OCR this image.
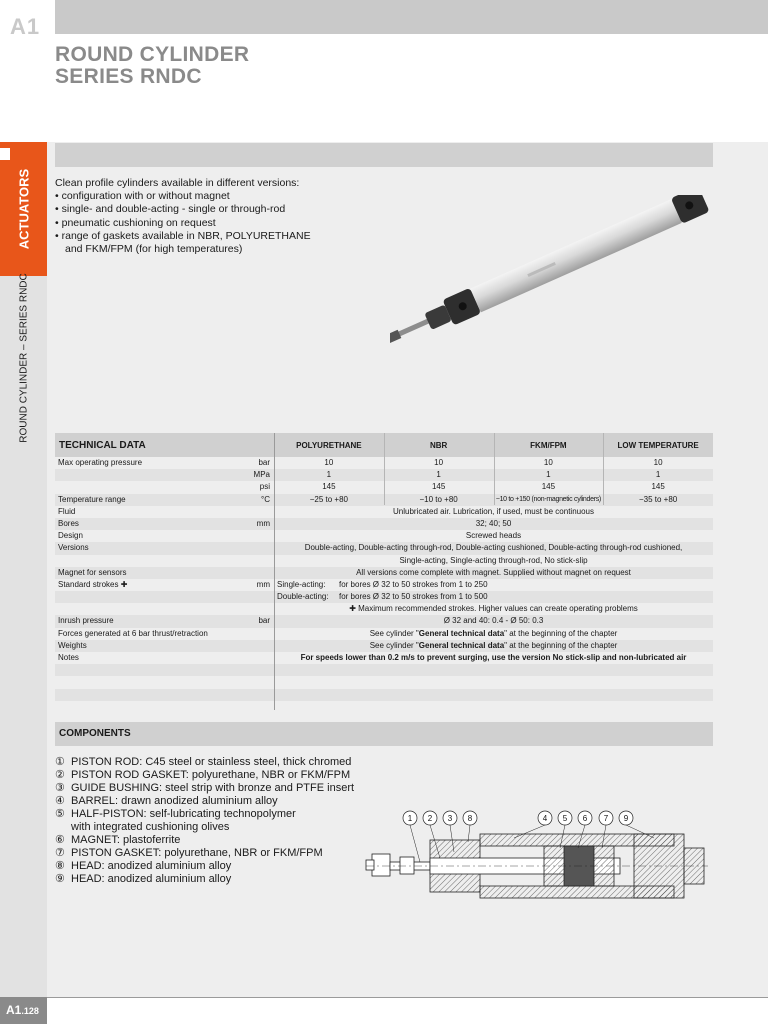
A1
ACTUATORS
ROUND CYLINDER – SERIES RNDC
A1.128
ROUND CYLINDER
SERIES RNDC
Clean profile cylinders available in different versions:
• configuration with or without magnet
• single- and double-acting - single or through-rod
• pneumatic cushioning on request
• range of gaskets available in NBR, POLYURETHANE and FKM/FPM (for high temperatures)
TECHNICAL DATA	POLYURETHANE	NBR	FKM/FPM	LOW TEMPERATURE
Max operating pressure	bar	10	10	10	10
MPa	1	1	1	1
psi	145	145	145	145
Temperature range	°C	−25 to +80	−10 to +80	−10 to +150 (non-magnetic cylinders)	−35 to +80
Fluid	Unlubricated air. Lubrication, if used, must be continuous
Bores	mm	32; 40; 50
Design	Screwed heads
Versions	Double-acting, Double-acting through-rod, Double-acting cushioned, Double-acting through-rod cushioned,
Single-acting, Single-acting through-rod, No stick-slip
Magnet for sensors	All versions come complete with magnet. Supplied without magnet on request
Standard strokes ✚	mm Single-acting: for bores Ø 32 to 50 strokes from 1 to 250
Double-acting: for bores Ø 32 to 50 strokes from 1 to 500
✚ Maximum recommended strokes. Higher values can create operating problems
Inrush pressure	bar	Ø 32 and 40: 0.4 - Ø 50: 0.3
Forces generated at 6 bar thrust/retraction	See cylinder "General technical data" at the beginning of the chapter
Weights	See cylinder "General technical data" at the beginning of the chapter
Notes	For speeds lower than 0.2 m/s to prevent surging, use the version No stick-slip and non-lubricated air
COMPONENTS
① PISTON ROD: C45 steel or stainless steel, thick chromed
② PISTON ROD GASKET: polyurethane, NBR or FKM/FPM
③ GUIDE BUSHING: steel strip with bronze and PTFE insert
④ BARREL: drawn anodized aluminium alloy
⑤ HALF-PISTON: self-lubricating technopolymer
with integrated cushioning olives
⑥ MAGNET: plastoferrite
⑦ PISTON GASKET: polyurethane, NBR or FKM/FPM
⑧ HEAD: anodized aluminium alloy
⑨ HEAD: anodized aluminium alloy
1 2 3 8	4 5 6 7 9
